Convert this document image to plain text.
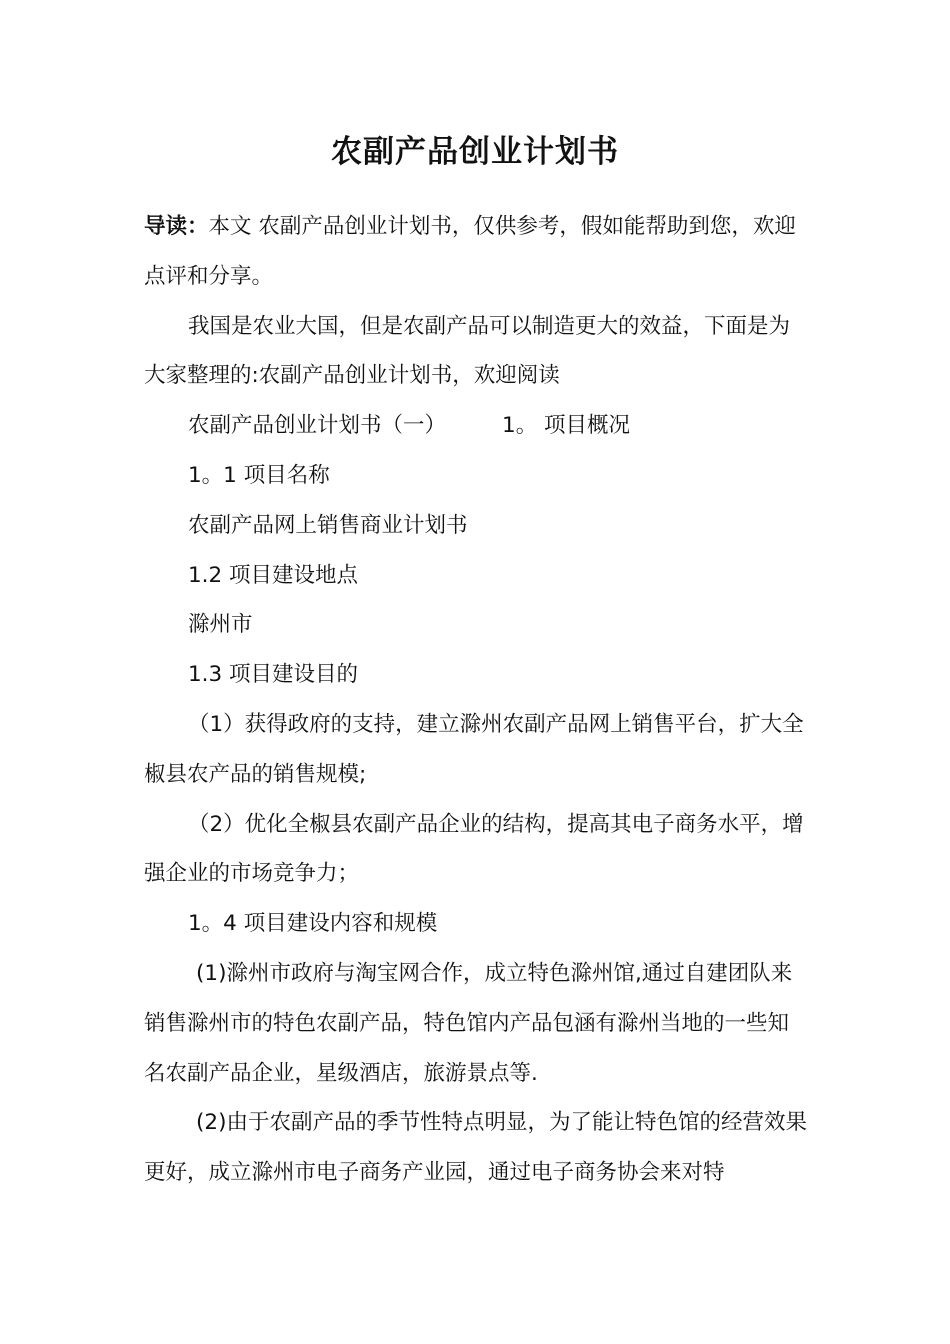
农副产品创业计划书

导读：本文 农副产品创业计划书，仅供参考，假如能帮助到您，欢迎点评和分享。

我国是农业大国，但是农副产品可以制造更大的效益，下面是为大家整理的:农副产品创业计划书，欢迎阅读

农副产品创业计划书（一）	1。 项目概况

1。1 项目名称

农副产品网上销售商业计划书

1.2 项目建设地点

滁州市

1.3 项目建设目的

（1）获得政府的支持，建立滁州农副产品网上销售平台，扩大全椒县农产品的销售规模;

（2）优化全椒县农副产品企业的结构，提高其电子商务水平，增强企业的市场竞争力；

1。4 项目建设内容和规模

(1)滁州市政府与淘宝网合作，成立特色滁州馆,通过自建团队来销售滁州市的特色农副产品，特色馆内产品包涵有滁州当地的一些知名农副产品企业，星级酒店，旅游景点等.

(2)由于农副产品的季节性特点明显，为了能让特色馆的经营效果更好，成立滁州市电子商务产业园，通过电子商务协会来对特
